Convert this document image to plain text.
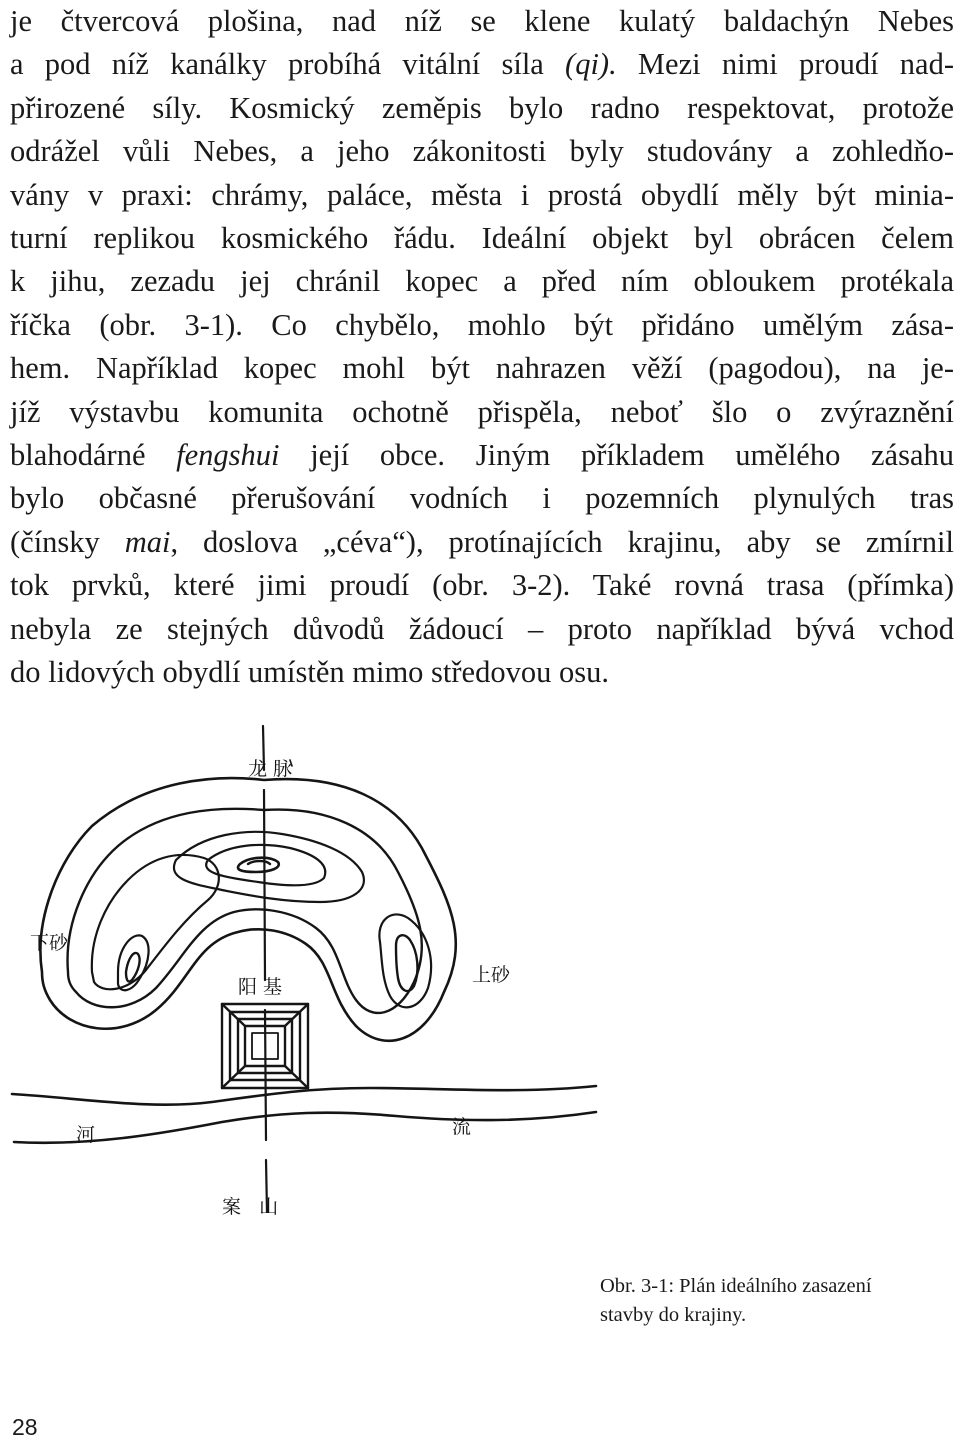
je čtvercová plošina, nad níž se klene kulatý baldachýn Nebes
a pod níž kanálky probíhá vitální síla (qi). Mezi nimi proudí nad-
přirozené síly. Kosmický zeměpis bylo radno respektovat, protože
odrážel vůli Nebes, a jeho zákonitosti byly studovány a zohledňo-
vány v praxi: chrámy, paláce, města i prostá obydlí měly být minia-
turní replikou kosmického řádu. Ideální objekt byl obrácen čelem
k jihu, zezadu jej chránil kopec a před ním obloukem protékala
říčka (obr. 3-1). Co chybělo, mohlo být přidáno umělým zása-
hem. Například kopec mohl být nahrazen věží (pagodou), na je-
jíž výstavbu komunita ochotně přispěla, neboť šlo o zvýraznění
blahodárné fengshui její obce. Jiným příkladem umělého zásahu
bylo občasné přerušování vodních i pozemních plynulých tras
(čínsky mai, doslova „céva“), protínajících krajinu, aby se zmírnil
tok prvků, které jimi proudí (obr. 3-2). Také rovná trasa (přímka)
nebyla ze stejných důvodů žádoucí – proto například bývá vchod
do lidových obydlí umístěn mimo středovou osu.
龙 脉
下砂
上砂
阳 基
河	流
案   山
Obr. 3-1: Plán ideálního zasazení
stavby do krajiny.
28
